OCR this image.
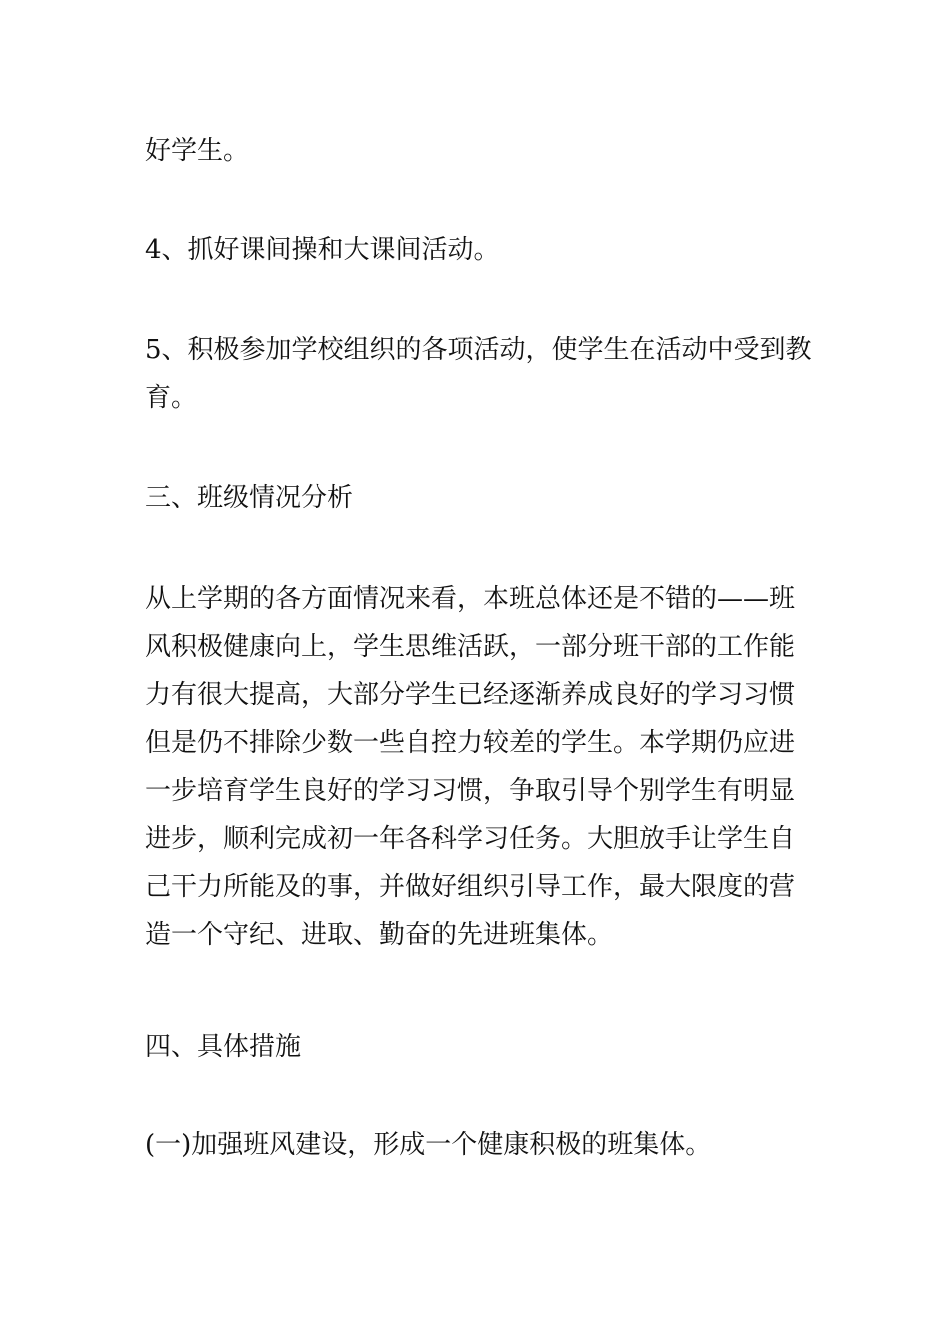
好学生。

4、抓好课间操和大课间活动。

5、积极参加学校组织的各项活动，使学生在活动中受到教
育。

三、班级情况分析

从上学期的各方面情况来看，本班总体还是不错的——班
风积极健康向上，学生思维活跃，一部分班干部的工作能
力有很大提高，大部分学生已经逐渐养成良好的学习习惯
但是仍不排除少数一些自控力较差的学生。本学期仍应进
一步培育学生良好的学习习惯，争取引导个别学生有明显
进步，顺利完成初一年各科学习任务。大胆放手让学生自
己干力所能及的事，并做好组织引导工作，最大限度的营
造一个守纪、进取、勤奋的先进班集体。

四、具体措施

(一)加强班风建设，形成一个健康积极的班集体。
